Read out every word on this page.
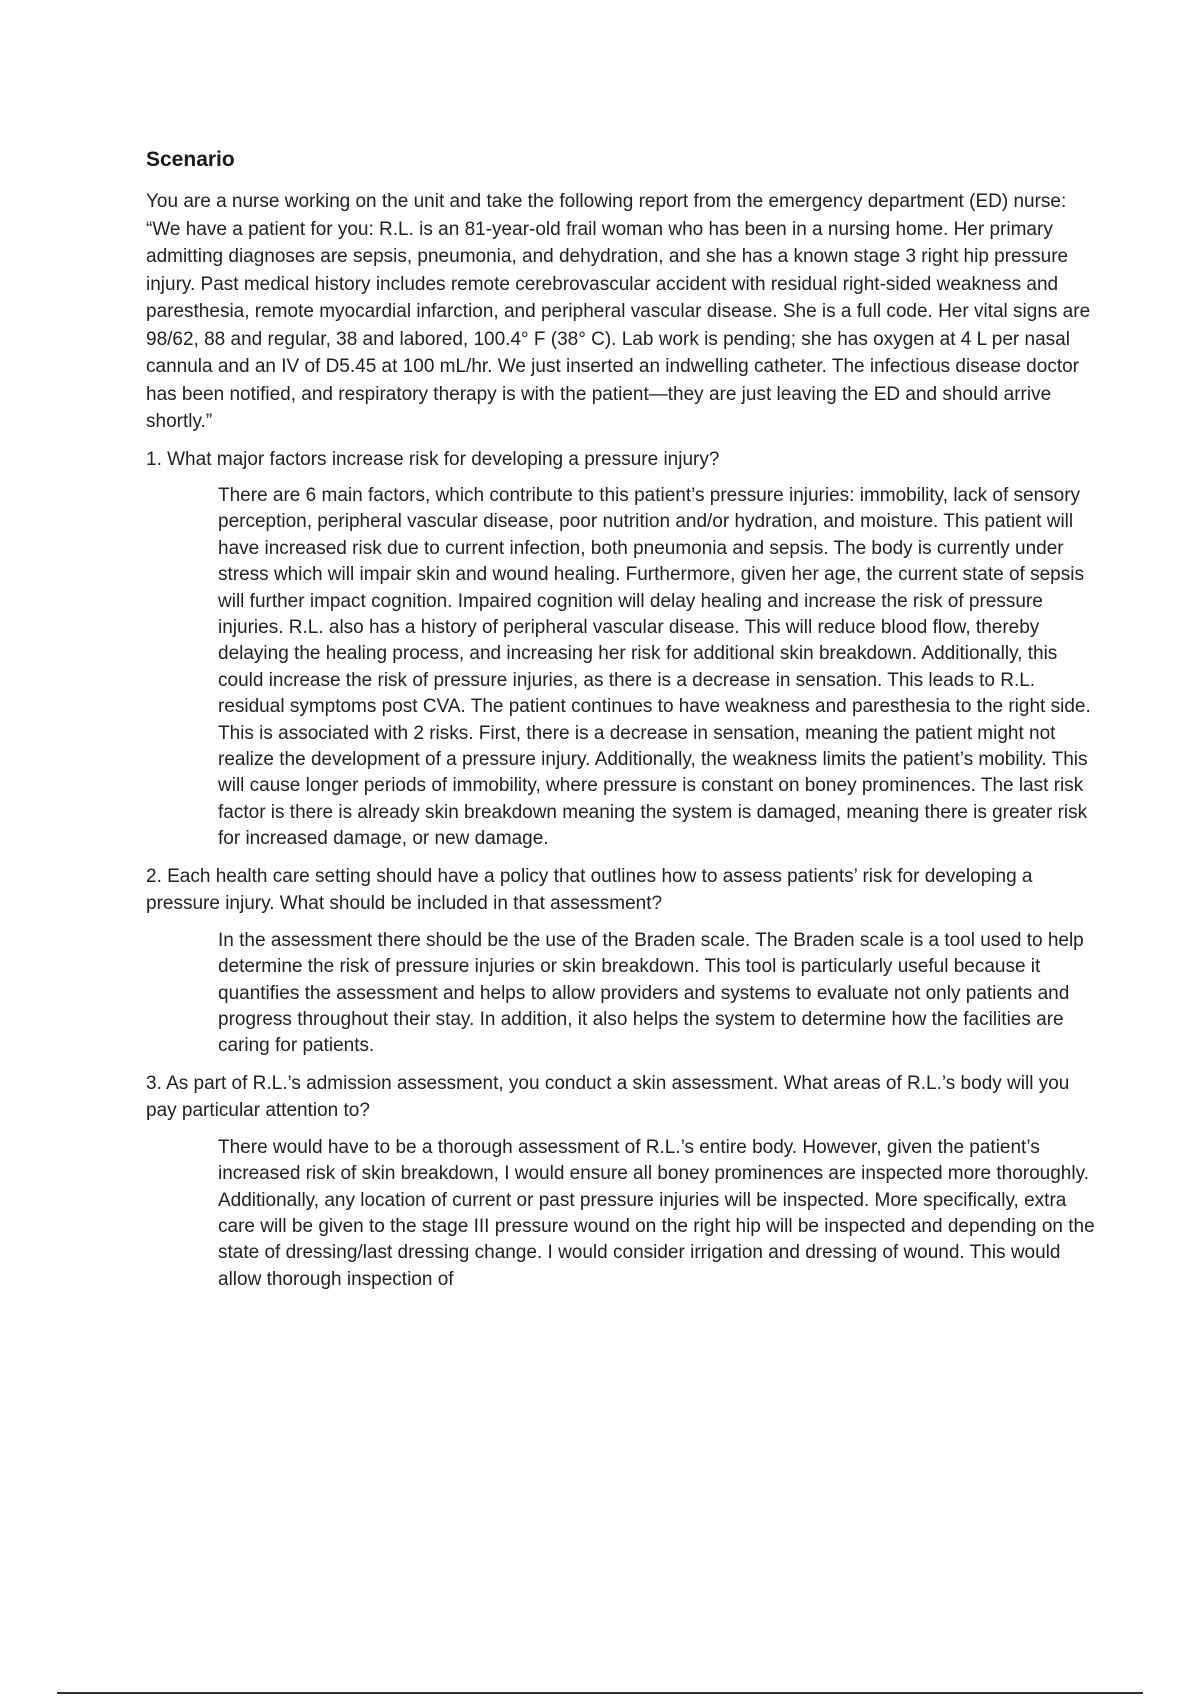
Scenario

You are a nurse working on the unit and take the following report from the emergency department (ED) nurse: “We have a patient for you: R.L. is an 81-year-old frail woman who has been in a nursing home. Her primary admitting diagnoses are sepsis, pneumonia, and dehydration, and she has a known stage 3 right hip pressure injury. Past medical history includes remote cerebrovascular accident with residual right-sided weakness and paresthesia, remote myocardial infarction, and peripheral vascular disease. She is a full code. Her vital signs are 98/62, 88 and regular, 38 and labored, 100.4° F (38° C). Lab work is pending; she has oxygen at 4 L per nasal cannula and an IV of D5.45 at 100 mL/hr. We just inserted an indwelling catheter. The infectious disease doctor has been notified, and respiratory therapy is with the patient—they are just leaving the ED and should arrive shortly.”

1. What major factors increase risk for developing a pressure injury?

There are 6 main factors, which contribute to this patient’s pressure injuries: immobility, lack of sensory perception, peripheral vascular disease, poor nutrition and/or hydration, and moisture. This patient will have increased risk due to current infection, both pneumonia and sepsis. The body is currently under stress which will impair skin and wound healing. Furthermore, given her age, the current state of sepsis will further impact cognition. Impaired cognition will delay healing and increase the risk of pressure injuries. R.L. also has a history of peripheral vascular disease. This will reduce blood flow, thereby delaying the healing process, and increasing her risk for additional skin breakdown. Additionally, this could increase the risk of pressure injuries, as there is a decrease in sensation. This leads to R.L. residual symptoms post CVA. The patient continues to have weakness and paresthesia to the right side. This is associated with 2 risks. First, there is a decrease in sensation, meaning the patient might not realize the development of a pressure injury. Additionally, the weakness limits the patient’s mobility. This will cause longer periods of immobility, where pressure is constant on boney prominences. The last risk factor is there is already skin breakdown meaning the system is damaged, meaning there is greater risk for increased damage, or new damage.

2. Each health care setting should have a policy that outlines how to assess patients’ risk for developing a pressure injury. What should be included in that assessment?

In the assessment there should be the use of the Braden scale. The Braden scale is a tool used to help determine the risk of pressure injuries or skin breakdown. This tool is particularly useful because it quantifies the assessment and helps to allow providers and systems to evaluate not only patients and progress throughout their stay. In addition, it also helps the system to determine how the facilities are caring for patients.

3. As part of R.L.’s admission assessment, you conduct a skin assessment. What areas of R.L.’s body will you pay particular attention to?

There would have to be a thorough assessment of R.L.’s entire body. However, given the patient’s increased risk of skin breakdown, I would ensure all boney prominences are inspected more thoroughly. Additionally, any location of current or past pressure injuries will be inspected. More specifically, extra care will be given to the stage III pressure wound on the right hip will be inspected and depending on the state of dressing/last dressing change. I would consider irrigation and dressing of wound. This would allow thorough inspection of
